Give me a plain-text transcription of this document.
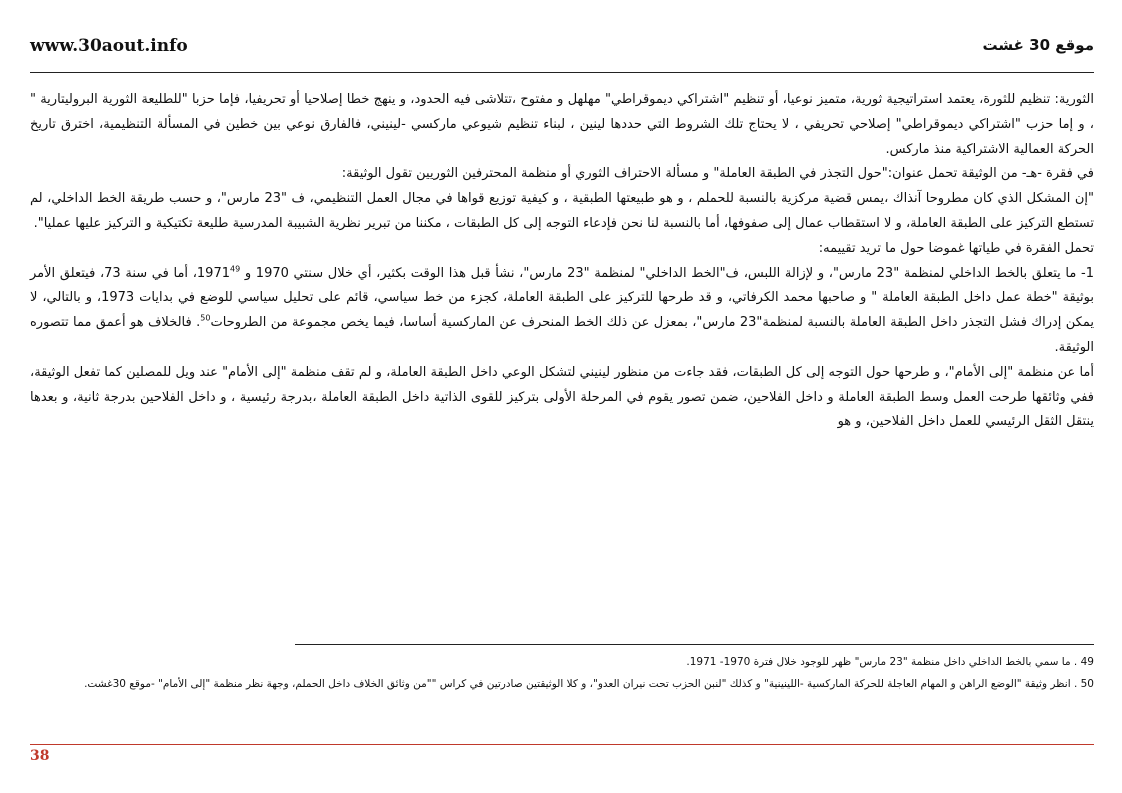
www.30aout.info	موقع 30 غشت

الثورية: تنظيم للثورة، يعتمد استراتيجية ثورية، متميز نوعيا، أو تنظيم "اشتراكي ديموقراطي" مهلهل و مفتوح ،تتلاشى فيه الحدود، و ينهج خطا إصلاحيا أو تحريفيا، فإما حزبا "للطليعة الثورية البروليتارية " ، و إما حزب "اشتراكي ديموقراطي" إصلاحي تحريفي ، لا يحتاج تلك الشروط التي حددها لينين ، لبناء تنظيم شيوعي ماركسي -لينيني، فالفارق نوعي بين خطين في المسألة التنظيمية، اخترق تاريخ الحركة العمالية الاشتراكية منذ ماركس.

في فقرة -هـ- من الوثيقة تحمل عنوان:"حول التجذر في الطبقة العاملة" و مسألة الاحتراف الثوري أو منظمة المحترفين الثوريين تقول الوثيقة:

"إن المشكل الذي كان مطروحا آنذاك ،يمس قضية مركزية بالنسبة للحملم ، و هو طبيعتها الطبقية ، و كيفية توزيع قواها في مجال العمل التنظيمي، ف "23 مارس"، و حسب طريقة الخط الداخلي، لم تستطع التركيز على الطبقة العاملة، و لا استقطاب عمال إلى صفوفها، أما بالنسبة لنا نحن فإدعاء التوجه إلى كل الطبقات ، مكننا من تبرير نظرية الشبيبة المدرسية طليعة تكتيكية و التركيز عليها عمليا".

تحمل الفقرة في طياتها غموضا حول ما تريد تقييمه:

1- ما يتعلق بالخط الداخلي لمنظمة "23 مارس"، و لإزالة اللبس، ف"الخط الداخلي" لمنظمة "23 مارس"، نشأ قبل هذا الوقت بكثير، أي خلال سنتي 1970 و 1971$^{49}$، أما في سنة 73، فيتعلق الأمر بوثيقة "خطة عمل داخل الطبقة العاملة " و صاحبها محمد الكرفاتي، و قد طرحها للتركيز على الطبقة العاملة، كجزء من خط سياسي، قائم على تحليل سياسي للوضع في بدايات 1973، و بالتالي، لا يمكن إدراك فشل التجذر داخل الطبقة العاملة بالنسبة لمنظمة"23 مارس"، بمعزل عن ذلك الخط المنحرف عن الماركسية أساسا، فيما يخص مجموعة من الطروحات$^{50}$. فالخلاف هو أعمق مما تتصوره الوثيقة.

أما عن منظمة "إلى الأمام"، و طرحها حول التوجه إلى كل الطبقات، فقد جاءت من منظور لينيني لتشكل الوعي داخل الطبقة العاملة، و لم تقف منظمة "إلى الأمام" عند ويل للمصلين كما تفعل الوثيقة، ففي وثائقها طرحت العمل وسط الطبقة العاملة و داخل الفلاحين، ضمن تصور يقوم في المرحلة الأولى بتركيز للقوى الذاتية داخل الطبقة العاملة ،بدرجة رئيسية ، و داخل الفلاحين بدرجة ثانية، و بعدها ينتقل الثقل الرئيسي للعمل داخل الفلاحين، و هو

49 . ما سمي بالخط الداخلي داخل منظمة "23 مارس" ظهر للوجود خلال فترة 1970- 1971.

50 . انظر وثيقة "الوضع الراهن و المهام العاجلة للحركة الماركسية -اللينينية" و كذلك "لنبن الحزب تحت نيران العدو"، و كلا الوثيقتين صادرتين في كراس ""من وثائق الخلاف داخل الحملم، وجهة نظر منظمة "إلى الأمام" -موقع 30غشت.

38
